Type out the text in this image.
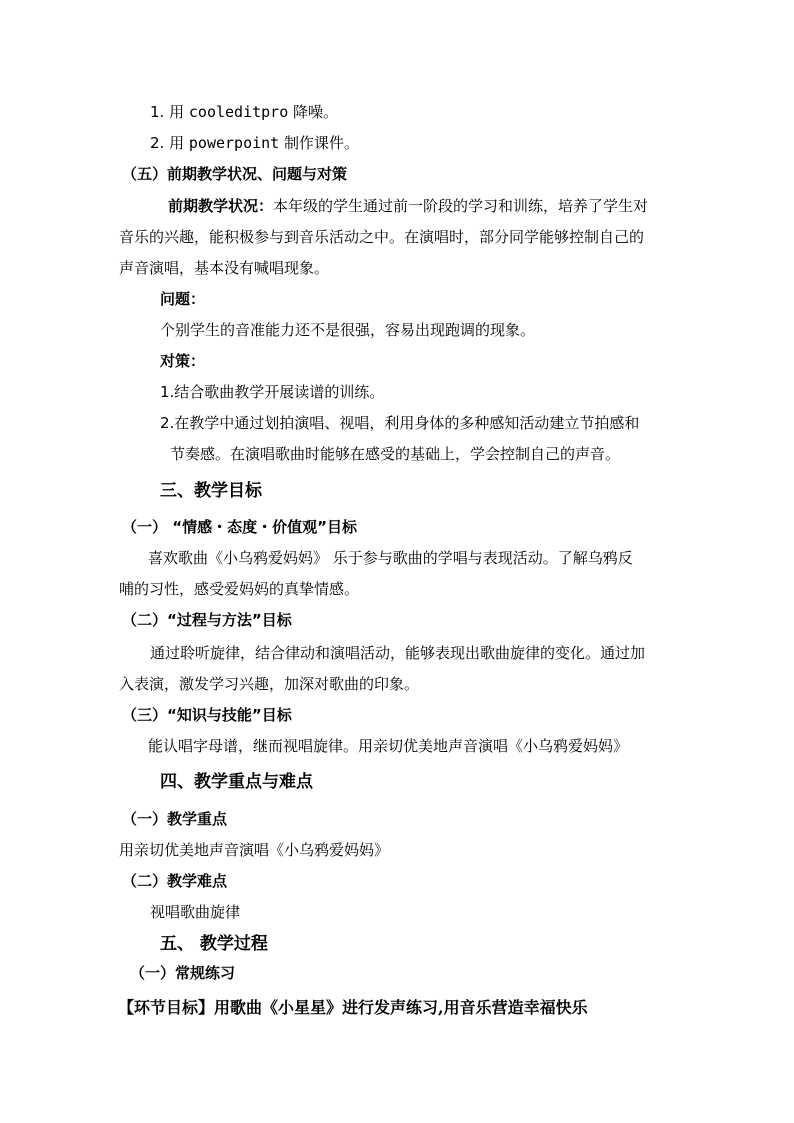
1. 用 cooleditpro 降噪。
2. 用 powerpoint 制作课件。
（五）前期教学状况、问题与对策
前期教学状况：本年级的学生通过前一阶段的学习和训练，培养了学生对
音乐的兴趣，能积极参与到音乐活动之中。在演唱时，部分同学能够控制自己的
声音演唱，基本没有喊唱现象。
问题：
个别学生的音准能力还不是很强，容易出现跑调的现象。
对策：
1.结合歌曲教学开展读谱的训练。
2.在教学中通过划拍演唱、视唱，利用身体的多种感知活动建立节拍感和
节奏感。在演唱歌曲时能够在感受的基础上，学会控制自己的声音。
三、教学目标
（一） “情感・态度・价值观”目标
喜欢歌曲《小乌鸦爱妈妈》 乐于参与歌曲的学唱与表现活动。了解乌鸦反
哺的习性，感受爱妈妈的真挚情感。
（二）“过程与方法”目标
通过聆听旋律，结合律动和演唱活动，能够表现出歌曲旋律的变化。通过加
入表演，激发学习兴趣，加深对歌曲的印象。
（三）“知识与技能”目标
能认唱字母谱，继而视唱旋律。用亲切优美地声音演唱《小乌鸦爱妈妈》
四、教学重点与难点
（一）教学重点
用亲切优美地声音演唱《小乌鸦爱妈妈》
（二）教学难点
视唱歌曲旋律
五、 教学过程
（一）常规练习
【环节目标】用歌曲《小星星》进行发声练习,用音乐营造幸福快乐
